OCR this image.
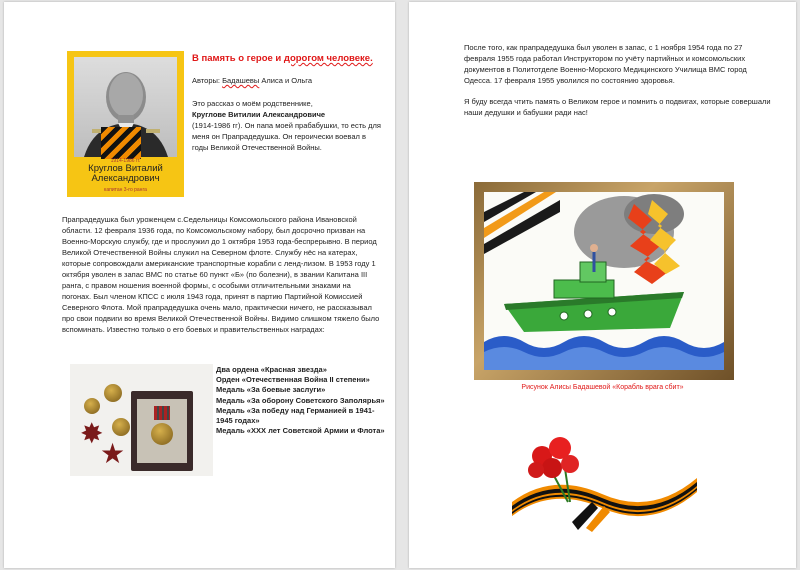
1914-1986 гг.
Круглов Виталий
Александрович
капитан 3-го ранга
В память о герое и дорогом человеке.
Авторы: Бадашевы Алиса и Ольга
Это рассказ о моём родственнике,
Круглове Витилии Александровиче
(1914-1986 гг). Он папа моей прабабушки, то есть для меня он Прапрадедушка. Он героически воевал в годы Великой Отечественной Войны.
Прапрадедушка был уроженцем с.Седельницы Комсомольского района Ивановской области. 12 февраля 1936 года, по Комсомольскому набору, был досрочно призван на Военно-Морскую службу, где и прослужил до 1 октября 1953 года-беспрерывно. В период Великой Отечественной Войны служил на Северном флоте. Службу нёс на катерах, которые сопровождали американские транспортные корабли с ленд-лизом. В 1953 году 1 октября уволен в запас ВМС по статье 60 пункт «Б» (по болезни), в звании Капитана III ранга, с правом ношения военной формы, с особыми отличительными знаками на погонах. Был членом КПСС с июля 1943 года, принят в партию Партийной Комиссией Северного Флота. Мой прапрадедушка очень мало, практически ничего, не рассказывал про свои подвиги во время Великой Отечественной Войны. Видимо слишком тяжело было вспоминать. Известно только о его боевых и правительственных наградах:
✸
★
Два ордена «Красная звезда»
Орден «Отечественная Война II степени»
Медаль «За боевые заслуги»
Медаль «За оборону Советского Заполярья»
Медаль «За победу над Германией в 1941-1945 годах»
Медаль «XXX лет Советской Армии и Флота»

После того, как прапрадедушка был уволен в запас, с 1 ноября 1954 года по 27 февраля 1955 года работал Инструктором по учёту партийных и комсомольских документов в Политотделе Военно-Морского Медицинского Училища ВМС город Одесса. 17 февраля 1955 уволился по состоянию здоровья.

Я буду всегда чтить память о Великом герое и помнить о подвигах, которые совершали наши дедушки и бабушки ради нас!

Рисунок Алисы Бадашевой «Корабль врага сбит»
